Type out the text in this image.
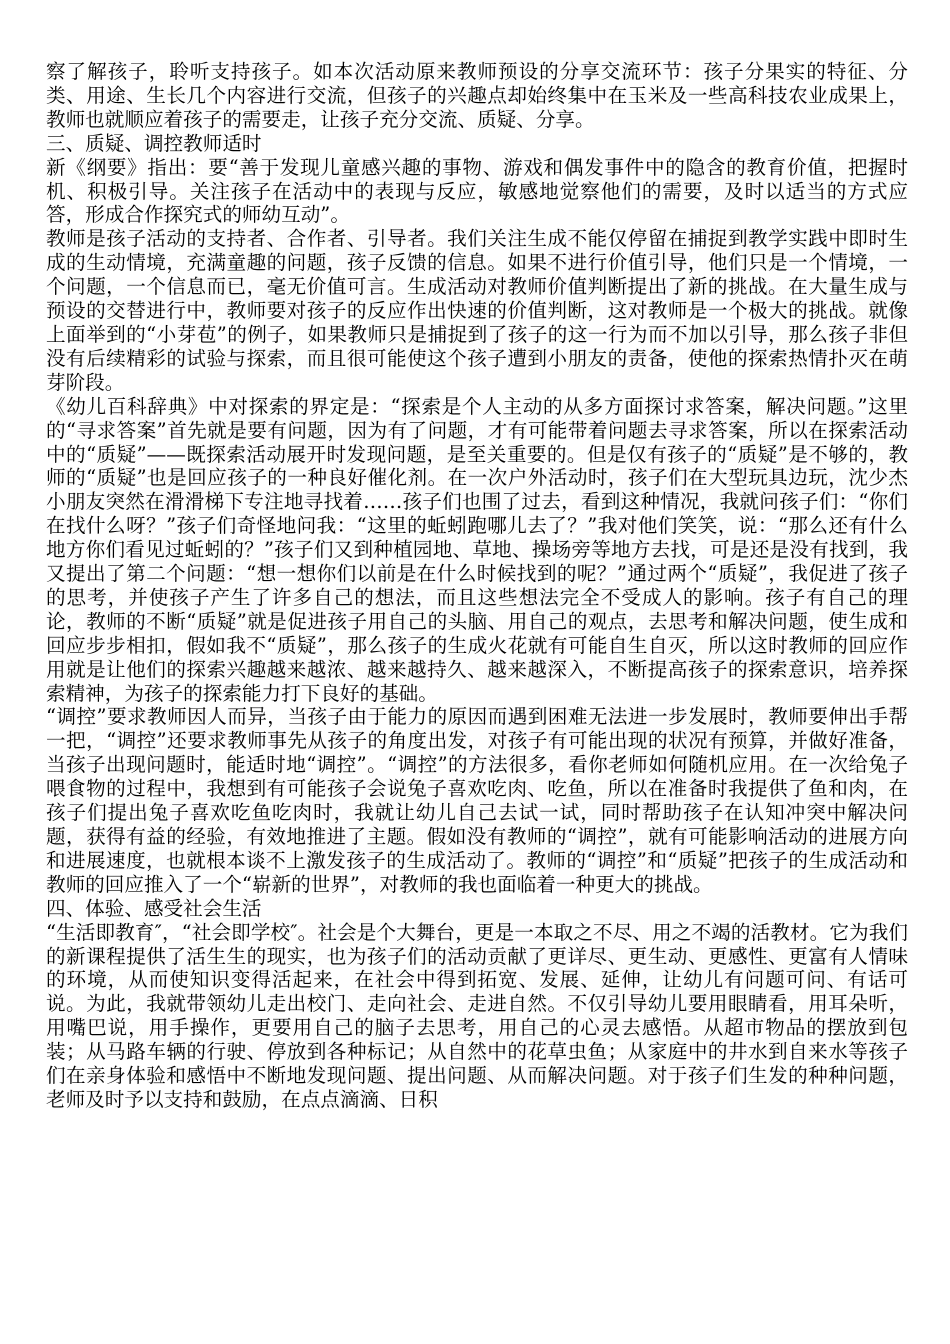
察了解孩子，聆听支持孩子。如本次活动原来教师预设的分享交流环节：孩子分果实的特征、分类、用途、生长几个内容进行交流，但孩子的兴趣点却始终集中在玉米及一些高科技农业成果上，教师也就顺应着孩子的需要走，让孩子充分交流、质疑、分享。

三、质疑、调控教师适时

新《纲要》指出：要“善于发现儿童感兴趣的事物、游戏和偶发事件中的隐含的教育价值，把握时机、积极引导。关注孩子在活动中的表现与反应，敏感地觉察他们的需要，及时以适当的方式应答，形成合作探究式的师幼互动”。

教师是孩子活动的支持者、合作者、引导者。我们关注生成不能仅停留在捕捉到教学实践中即时生成的生动情境，充满童趣的问题，孩子反馈的信息。如果不进行价值引导，他们只是一个情境，一个问题，一个信息而已，毫无价值可言。生成活动对教师价值判断提出了新的挑战。在大量生成与预设的交替进行中，教师要对孩子的反应作出快速的价值判断，这对教师是一个极大的挑战。就像上面举到的“小芽苞”的例子，如果教师只是捕捉到了孩子的这一行为而不加以引导，那么孩子非但没有后续精彩的试验与探索，而且很可能使这个孩子遭到小朋友的责备，使他的探索热情扑灭在萌芽阶段。

《幼儿百科辞典》中对探索的界定是：“探索是个人主动的从多方面探讨求答案，解决问题。”这里的“寻求答案”首先就是要有问题，因为有了问题，才有可能带着问题去寻求答案，所以在探索活动中的“质疑”——既探索活动展开时发现问题，是至关重要的。但是仅有孩子的“质疑”是不够的，教师的“质疑”也是回应孩子的一种良好催化剂。在一次户外活动时，孩子们在大型玩具边玩，沈少杰小朋友突然在滑滑梯下专注地寻找着……孩子们也围了过去，看到这种情况，我就问孩子们：“你们在找什么呀？”孩子们奇怪地问我：“这里的蚯蚓跑哪儿去了？”我对他们笑笑，说：“那么还有什么地方你们看见过蚯蚓的？”孩子们又到种植园地、草地、操场旁等地方去找，可是还是没有找到，我又提出了第二个问题：“想一想你们以前是在什么时候找到的呢？”通过两个“质疑”，我促进了孩子的思考，并使孩子产生了许多自己的想法，而且这些想法完全不受成人的影响。孩子有自己的理论，教师的不断“质疑”就是促进孩子用自己的头脑、用自己的观点，去思考和解决问题，使生成和回应步步相扣，假如我不“质疑”，那么孩子的生成火花就有可能自生自灭，所以这时教师的回应作用就是让他们的探索兴趣越来越浓、越来越持久、越来越深入，不断提高孩子的探索意识，培养探索精神，为孩子的探索能力打下良好的基础。

“调控”要求教师因人而异，当孩子由于能力的原因而遇到困难无法进一步发展时，教师要伸出手帮一把，“调控”还要求教师事先从孩子的角度出发，对孩子有可能出现的状况有预算，并做好准备，当孩子出现问题时，能适时地“调控”。“调控”的方法很多，看你老师如何随机应用。在一次给兔子喂食物的过程中，我想到有可能孩子会说兔子喜欢吃肉、吃鱼，所以在准备时我提供了鱼和肉，在孩子们提出兔子喜欢吃鱼吃肉时，我就让幼儿自己去试一试，同时帮助孩子在认知冲突中解决问题，获得有益的经验，有效地推进了主题。假如没有教师的“调控”，就有可能影响活动的进展方向和进展速度，也就根本谈不上激发孩子的生成活动了。教师的“调控”和“质疑”把孩子的生成活动和教师的回应推入了一个“崭新的世界”，对教师的我也面临着一种更大的挑战。

四、体验、感受社会生活

“生活即教育″，“社会即学校″。社会是个大舞台，更是一本取之不尽、用之不竭的活教材。它为我们的新课程提供了活生生的现实，也为孩子们的活动贡献了更详尽、更生动、更感性、更富有人情味的环境，从而使知识变得活起来，在社会中得到拓宽、发展、延伸，让幼儿有问题可问、有话可说。为此，我就带领幼儿走出校门、走向社会、走进自然。不仅引导幼儿要用眼睛看，用耳朵听，用嘴巴说，用手操作，更要用自己的脑子去思考，用自己的心灵去感悟。从超市物品的摆放到包装；从马路车辆的行驶、停放到各种标记；从自然中的花草虫鱼；从家庭中的井水到自来水等孩子们在亲身体验和感悟中不断地发现问题、提出问题、从而解决问题。对于孩子们生发的种种问题，老师及时予以支持和鼓励，在点点滴滴、日积
